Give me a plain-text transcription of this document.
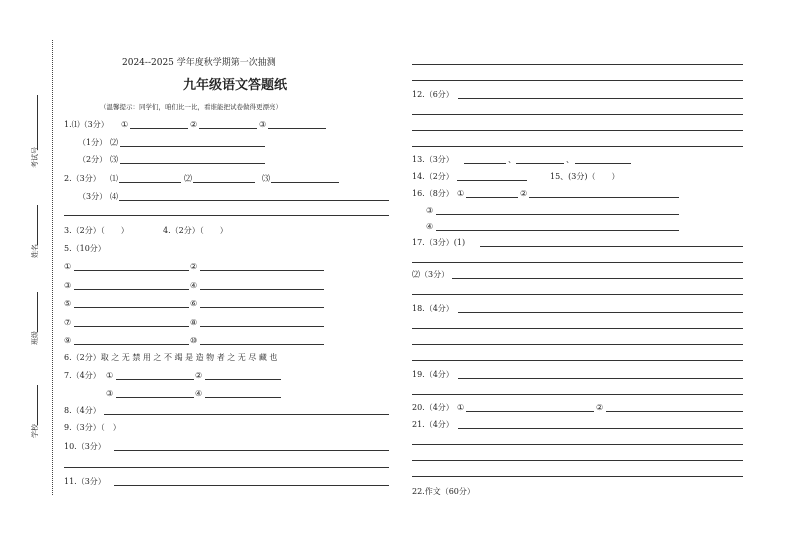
考试号
姓名
班级
学校
2024--2025 学年度秋学期第一次抽测
九年级语文答题纸
（温馨提示：同学们，咱们比一比，看谁能把试卷做得更漂亮）
1.⑴（3分） ①	②	③
（1分） ⑵
（2分） ⑶
2.（3分） ⑴	⑵	⑶
（3分） ⑷
3.（2分）（　　）	4.（2分）（　　）
5.（10分）
①	②
③	④
⑤	⑥
⑦	⑧
⑨	⑩
6.（2分）取 之 无 禁 用 之 不 竭 是 造 物 者 之 无 尽 藏 也
7.（4分） ①	②
③	④
8.（4分）
9.（3分）（　）
10.（3分）
11.（3分）
12.（6分）
13.（3分）	、	、
14.（2分）	15、(3分)（　　）
16.（8分） ①	②
③
④
17.（3分）(1)
⑵（3分）
18.（4分）
19.（4分）
20.（4分） ①	②
21.（4分）
22.作文（60分）
